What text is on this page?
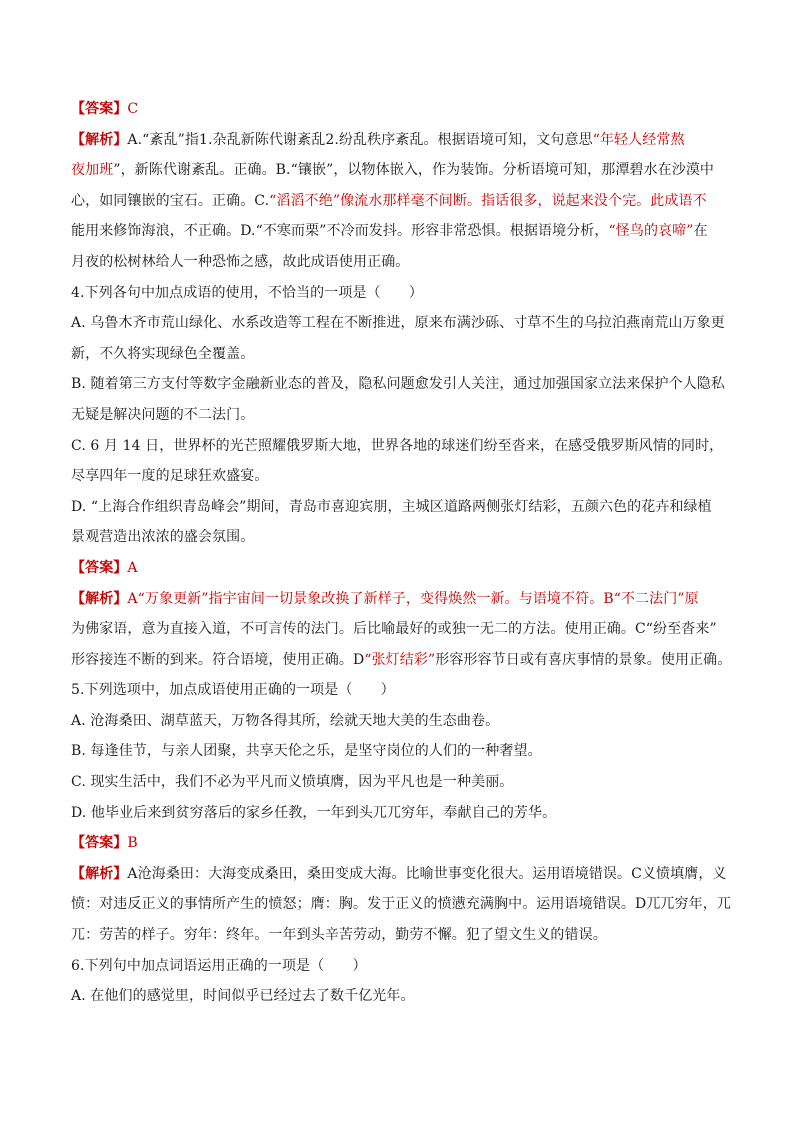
【答案】C
【解析】A.“紊乱”指1.杂乱新陈代谢紊乱2.纷乱秩序紊乱。根据语境可知，文句意思“年轻人经常熬
夜加班”，新陈代谢紊乱。正确。B.“镶嵌”，以物体嵌入，作为装饰。分析语境可知，那潭碧水在沙漠中
心，如同镶嵌的宝石。正确。C.“滔滔不绝”像流水那样毫不间断。指话很多，说起来没个完。此成语不
能用来修饰海浪，不正确。D.“不寒而栗”不冷而发抖。形容非常恐惧。根据语境分析，“怪鸟的哀啼”在
月夜的松树林给人一种恐怖之感，故此成语使用正确。
4.下列各句中加点成语的使用，不恰当的一项是（　　）
A. 乌鲁木齐市荒山绿化、水系改造等工程在不断推进，原来布满沙砾、寸草不生的乌拉泊燕南荒山万象更
新，不久将实现绿色全覆盖。
B. 随着第三方支付等数字金融新业态的普及，隐私问题愈发引人关注，通过加强国家立法来保护个人隐私
无疑是解决问题的不二法门。
C. 6 月 14 日，世界杯的光芒照耀俄罗斯大地，世界各地的球迷们纷至沓来，在感受俄罗斯风情的同时，
尽享四年一度的足球狂欢盛宴。
D. “上海合作组织青岛峰会”期间，青岛市喜迎宾朋，主城区道路两侧张灯结彩，五颜六色的花卉和绿植
景观营造出浓浓的盛会氛围。
【答案】A
【解析】A“万象更新”指宇宙间一切景象改换了新样子，变得焕然一新。与语境不符。B“不二法门”原
为佛家语，意为直接入道，不可言传的法门。后比喻最好的或独一无二的方法。使用正确。C“纷至沓来”
形容接连不断的到来。符合语境，使用正确。D“张灯结彩”形容形容节日或有喜庆事情的景象。使用正确。
5.下列选项中，加点成语使用正确的一项是（　　）
A. 沧海桑田、湖草蓝天，万物各得其所，绘就天地大美的生态曲卷。
B. 每逢佳节，与亲人团聚，共享天伦之乐，是坚守岗位的人们的一种奢望。
C. 现实生活中，我们不必为平凡而义愤填膺，因为平凡也是一种美丽。
D. 他毕业后来到贫穷落后的家乡任教，一年到头兀兀穷年，奉献自己的芳华。
【答案】B
【解析】A沧海桑田：大海变成桑田，桑田变成大海。比喻世事变化很大。运用语境错误。C义愤填膺，义
愤：对违反正义的事情所产生的愤怒；膺：胸。发于正义的愤懑充满胸中。运用语境错误。D兀兀穷年，兀
兀：劳苦的样子。穷年：终年。一年到头辛苦劳动，勤劳不懈。犯了望文生义的错误。
6.下列句中加点词语运用正确的一项是（　　）
A. 在他们的感觉里，时间似乎已经过去了数千亿光年。
